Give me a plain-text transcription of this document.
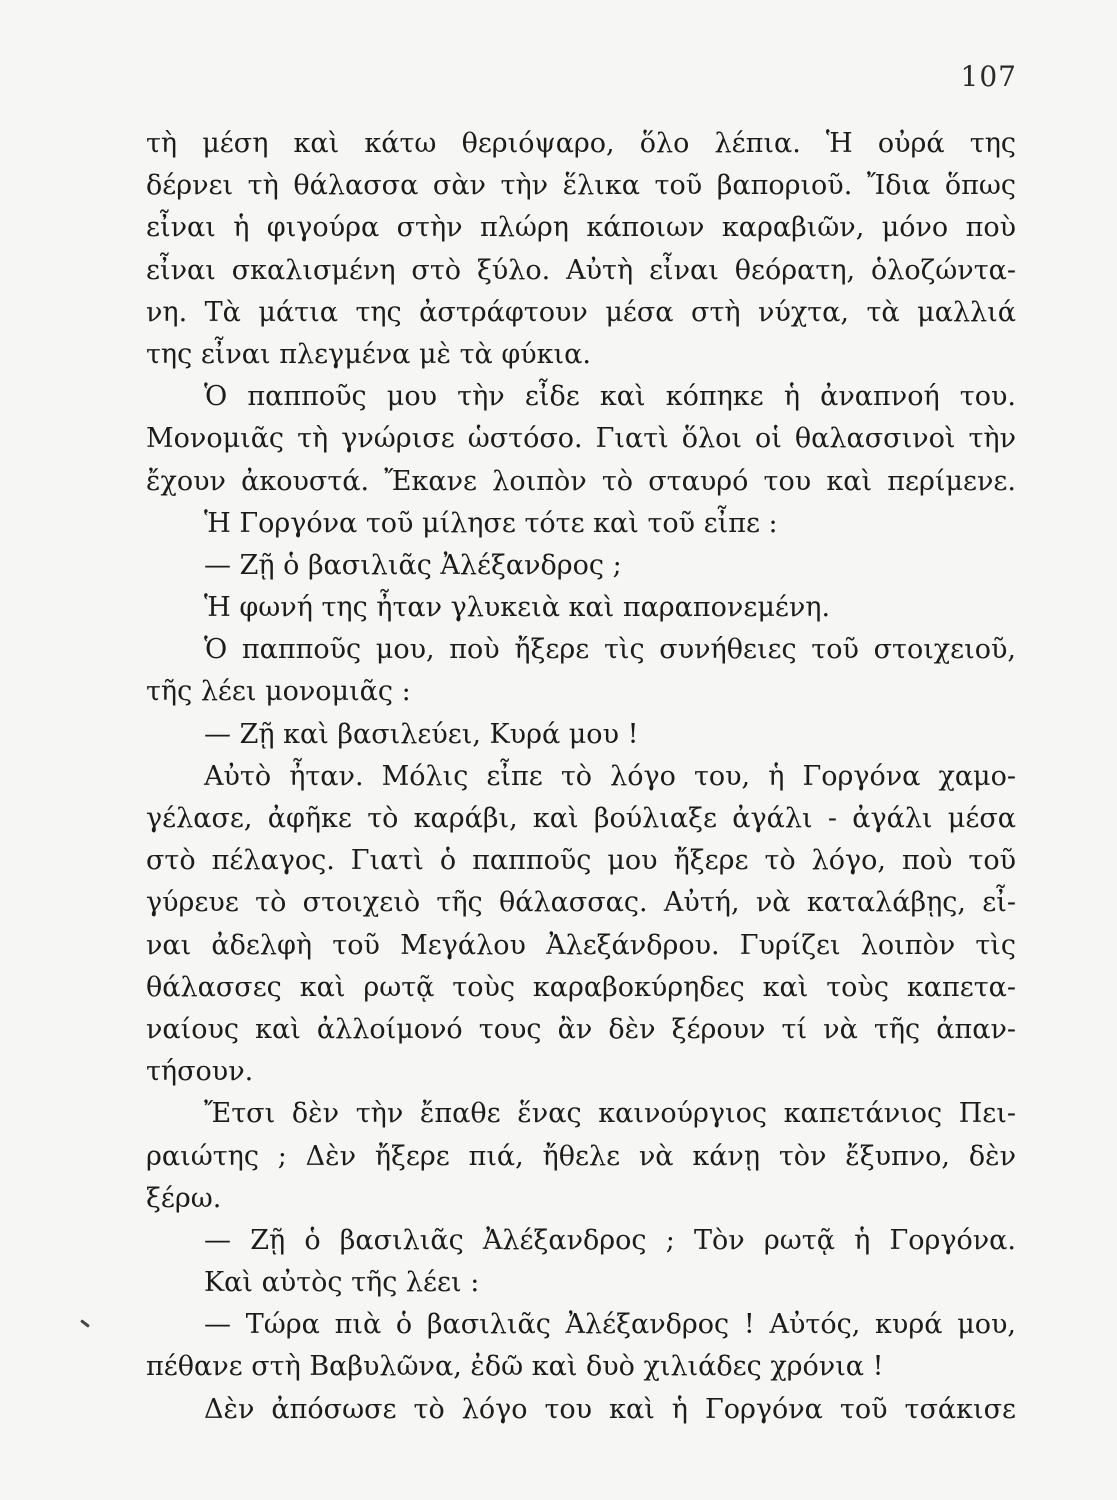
107
τὴ μέση καὶ κάτω θεριόψαρο, ὅλο λέπια. Ἡ οὐρά της
δέρνει τὴ θάλασσα σὰν τὴν ἕλικα τοῦ βαποριοῦ. Ἴδια ὅπως
εἶναι ἡ φιγούρα στὴν πλώρη κάποιων καραβιῶν, μόνο ποὺ
εἶναι σκαλισμένη στὸ ξύλο. Αὐτὴ εἶναι θεόρατη, ὁλοζώντα-
νη. Τὰ μάτια της ἀστράφτουν μέσα στὴ νύχτα, τὰ μαλλιά
της εἶναι πλεγμένα μὲ τὰ φύκια.
Ὁ παπποῦς μου τὴν εἶδε καὶ κόπηκε ἡ ἀναπνοή του.
Μονομιᾶς τὴ γνώρισε ὡστόσο. Γιατὶ ὅλοι οἱ θαλασσινοὶ τὴν
ἔχουν ἀκουστά. Ἔκανε λοιπὸν τὸ σταυρό του καὶ περίμενε.
Ἡ Γοργόνα τοῦ μίλησε τότε καὶ τοῦ εἶπε :
— Ζῇ ὁ βασιλιᾶς Ἀλέξανδρος ;
Ἡ φωνή της ἦταν γλυκειὰ καὶ παραπονεμένη.
Ὁ παπποῦς μου, ποὺ ἤξερε τὶς συνήθειες τοῦ στοιχειοῦ,
τῆς λέει μονομιᾶς :
— Ζῇ καὶ βασιλεύει, Κυρά μου !
Αὐτὸ ἦταν. Μόλις εἶπε τὸ λόγο του, ἡ Γοργόνα χαμο-
γέλασε, ἀφῆκε τὸ καράβι, καὶ βούλιαξε ἀγάλι - ἀγάλι μέσα
στὸ πέλαγος. Γιατὶ ὁ παπποῦς μου ἤξερε τὸ λόγο, ποὺ τοῦ
γύρευε τὸ στοιχειὸ τῆς θάλασσας. Αὐτή, νὰ καταλάβῃς, εἶ-
ναι ἀδελφὴ τοῦ Μεγάλου Ἀλεξάνδρου. Γυρίζει λοιπὸν τὶς
θάλασσες καὶ ρωτᾷ τοὺς καραβοκύρηδες καὶ τοὺς καπετα-
ναίους καὶ ἀλλοίμονό τους ἂν δὲν ξέρουν τί νὰ τῆς ἀπαν-
τήσουν.
Ἔτσι δὲν τὴν ἔπαθε ἕνας καινούργιος καπετάνιος Πει-
ραιώτης ; Δὲν ἤξερε πιά, ἤθελε νὰ κάνῃ τὸν ἔξυπνο, δὲν
ξέρω.
— Ζῇ ὁ βασιλιᾶς Ἀλέξανδρος ; Τὸν ρωτᾷ ἡ Γοργόνα.
Καὶ αὐτὸς τῆς λέει :
— Τώρα πιὰ ὁ βασιλιᾶς Ἀλέξανδρος ! Αὐτός, κυρά μου,
πέθανε στὴ Βαβυλῶνα, ἐδῶ καὶ δυὸ χιλιάδες χρόνια !
Δὲν ἀπόσωσε τὸ λόγο του καὶ ἡ Γοργόνα τοῦ τσάκισε
